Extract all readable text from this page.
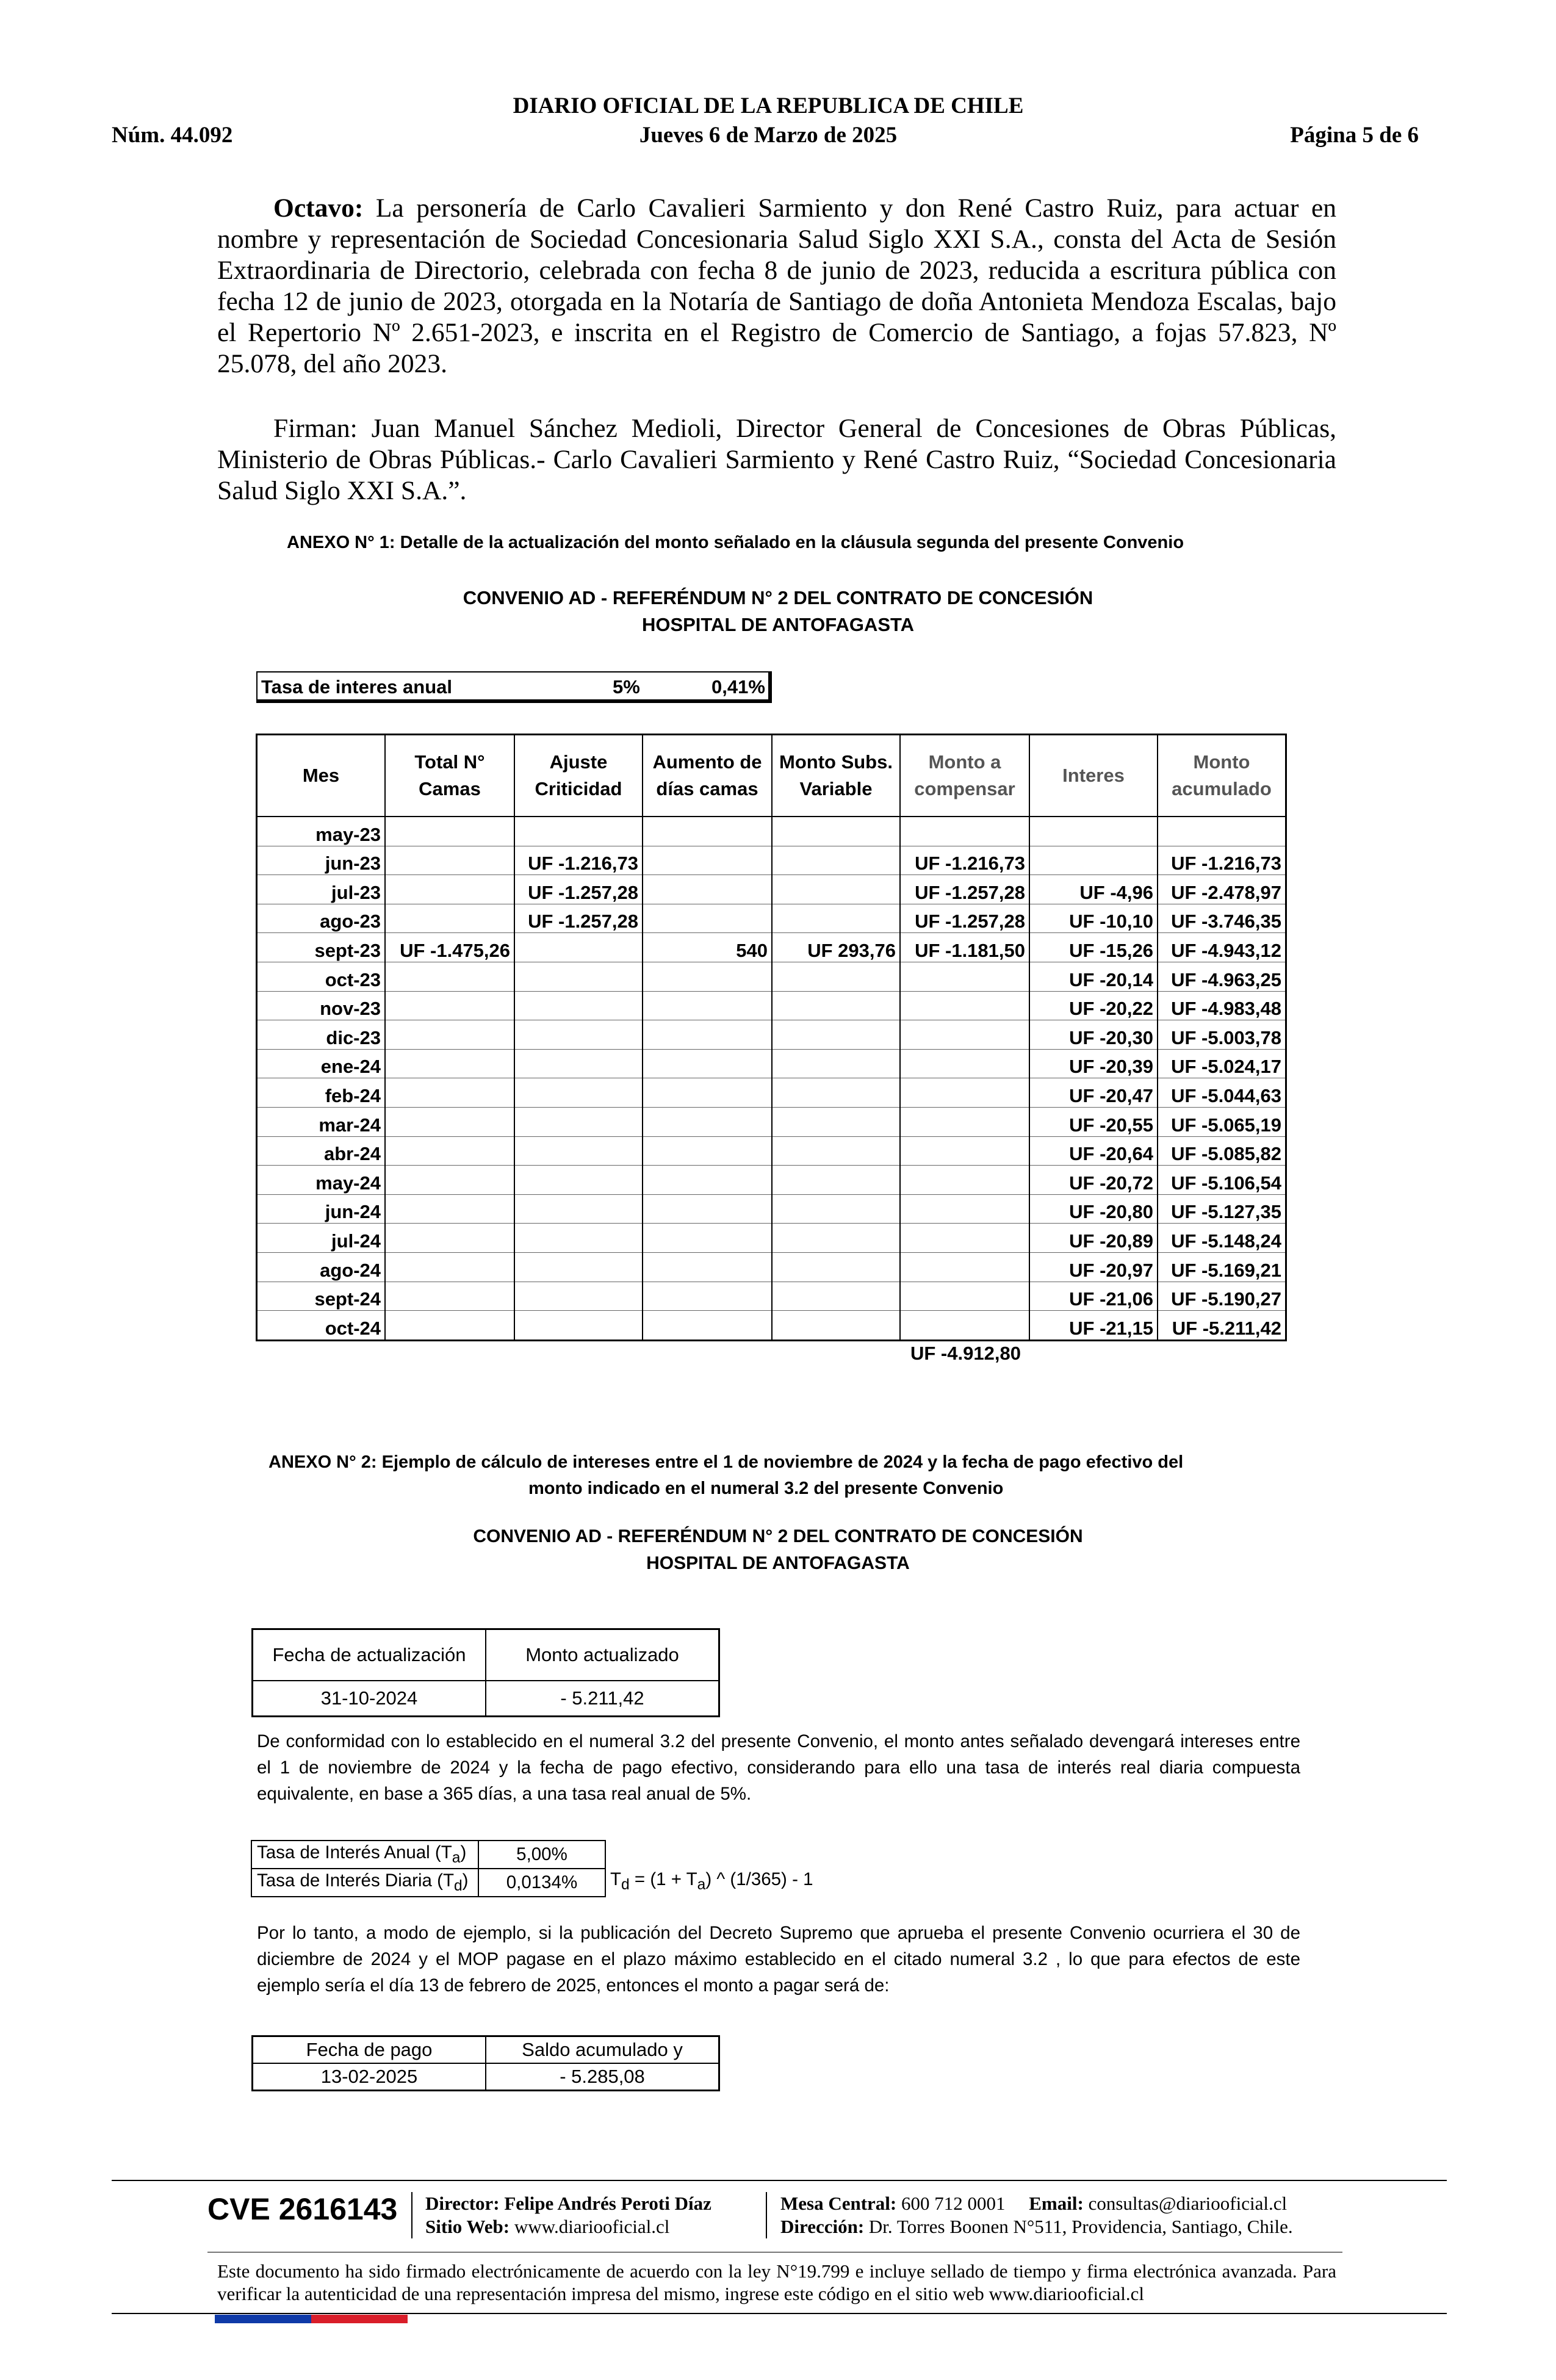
DIARIO OFICIAL DE LA REPUBLICA DE CHILE
Núm. 44.092	Jueves 6 de Marzo de 2025	Página 5 de 6
Octavo: La personería de Carlo Cavalieri Sarmiento y don René Castro Ruiz, para actuar en nombre y representación de Sociedad Concesionaria Salud Siglo XXI S.A., consta del Acta de Sesión Extraordinaria de Directorio, celebrada con fecha 8 de junio de 2023, reducida a escritura pública con fecha 12 de junio de 2023, otorgada en la Notaría de Santiago de doña Antonieta Mendoza Escalas, bajo el Repertorio Nº 2.651-2023, e inscrita en el Registro de Comercio de Santiago, a fojas 57.823, Nº 25.078, del año 2023.
Firman: Juan Manuel Sánchez Medioli, Director General de Concesiones de Obras Públicas, Ministerio de Obras Públicas.- Carlo Cavalieri Sarmiento y René Castro Ruiz, “Sociedad Concesionaria Salud Siglo XXI S.A.”.
ANEXO N° 1: Detalle de la actualización del monto señalado en la cláusula segunda del presente Convenio
CONVENIO AD - REFERÉNDUM N° 2 DEL CONTRATO DE CONCESIÓN
HOSPITAL DE ANTOFAGASTA
Tasa de interes anual	5%	0,41%
Mes	Total N° Camas	Ajuste Criticidad	Aumento de días camas	Monto Subs. Variable	Monto a compensar	Interes	Monto acumulado
may-23							
jun-23		UF -1.216,73			UF -1.216,73		UF -1.216,73
jul-23		UF -1.257,28			UF -1.257,28	UF -4,96	UF -2.478,97
ago-23		UF -1.257,28			UF -1.257,28	UF -10,10	UF -3.746,35
sept-23	UF -1.475,26		540	UF 293,76	UF -1.181,50	UF -15,26	UF -4.943,12
oct-23						UF -20,14	UF -4.963,25
nov-23						UF -20,22	UF -4.983,48
dic-23						UF -20,30	UF -5.003,78
ene-24						UF -20,39	UF -5.024,17
feb-24						UF -20,47	UF -5.044,63
mar-24						UF -20,55	UF -5.065,19
abr-24						UF -20,64	UF -5.085,82
may-24						UF -20,72	UF -5.106,54
jun-24						UF -20,80	UF -5.127,35
jul-24						UF -20,89	UF -5.148,24
ago-24						UF -20,97	UF -5.169,21
sept-24						UF -21,06	UF -5.190,27
oct-24						UF -21,15	UF -5.211,42
UF -4.912,80
ANEXO N° 2: Ejemplo de cálculo de intereses entre el 1 de noviembre de 2024 y la fecha de pago efectivo del
monto indicado en el numeral 3.2 del presente Convenio
CONVENIO AD - REFERÉNDUM N° 2 DEL CONTRATO DE CONCESIÓN
HOSPITAL DE ANTOFAGASTA
Fecha de actualización	Monto actualizado
31-10-2024	- 5.211,42
De conformidad con lo establecido en el numeral 3.2 del presente Convenio, el monto antes señalado devengará intereses entre el 1 de noviembre de 2024 y la fecha de pago efectivo, considerando para ello una tasa de interés real diaria compuesta equivalente, en base a 365 días, a una tasa real anual de 5%.
Tasa de Interés Anual $(T_a)$	5,00%
Tasa de Interés Diaria $(T_d)$	0,0134% $T_d = (1 + T_a)$ ^ (1/365) - 1
Por lo tanto, a modo de ejemplo, si la publicación del Decreto Supremo que aprueba el presente Convenio ocurriera el 30 de diciembre de 2024 y el MOP pagase en el plazo máximo establecido en el citado numeral 3.2 , lo que para efectos de este ejemplo sería el día 13 de febrero de 2025, entonces el monto a pagar será de:
Fecha de pago	Saldo acumulado y
13-02-2025	- 5.285,08
CVE 2616143 Director: Felipe Andrés Peroti Díaz
Sitio Web: www.diariooficial.cl
Mesa Central: 600 712 0001 Email: consultas@diariooficial.cl
Dirección: Dr. Torres Boonen N°511, Providencia, Santiago, Chile.
Este documento ha sido firmado electrónicamente de acuerdo con la ley N°19.799 e incluye sellado de tiempo y firma electrónica avanzada. Para verificar la autenticidad de una representación impresa del mismo, ingrese este código en el sitio web www.diariooficial.cl
